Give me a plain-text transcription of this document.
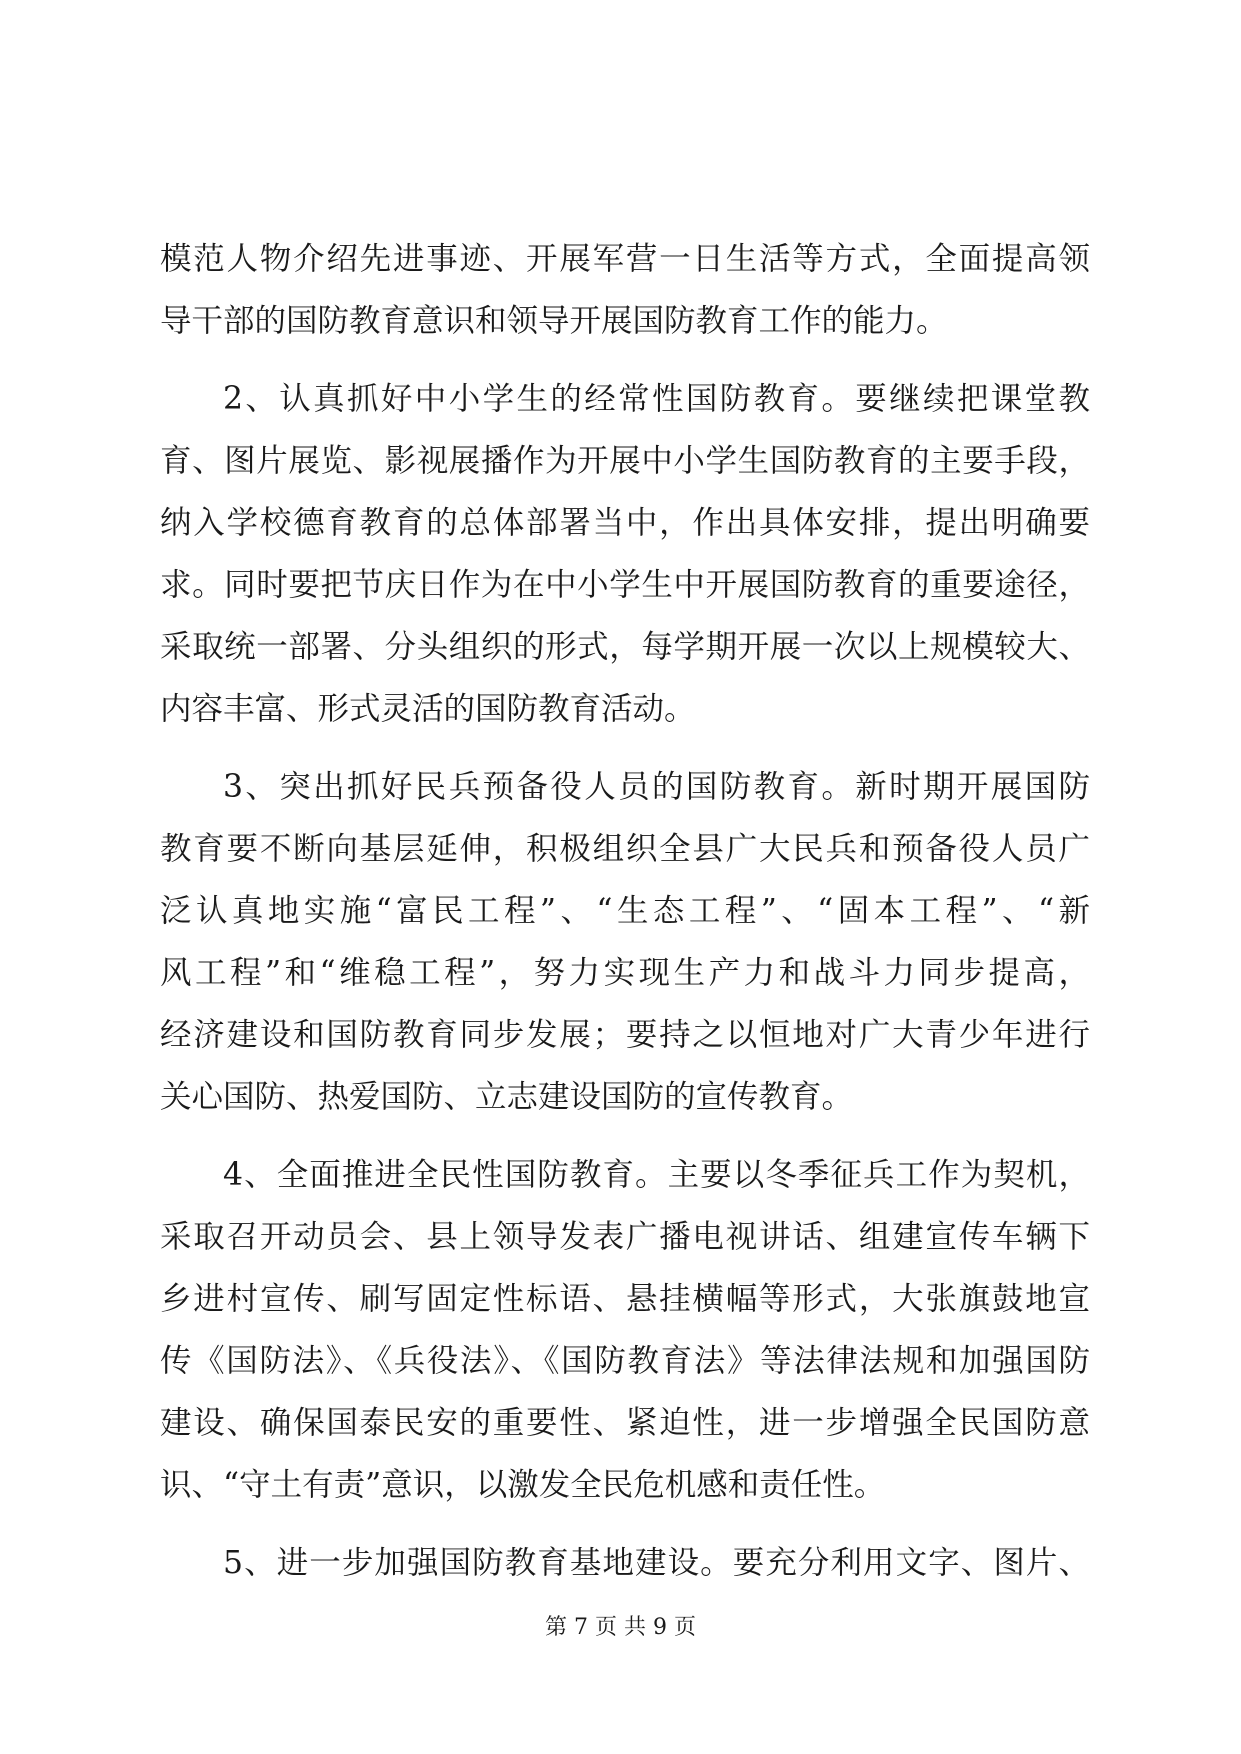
模范人物介绍先进事迹、开展军营一日生活等方式，全面提高领
导干部的国防教育意识和领导开展国防教育工作的能力。
2、认真抓好中小学生的经常性国防教育。要继续把课堂教
育、图片展览、影视展播作为开展中小学生国防教育的主要手段，
纳入学校德育教育的总体部署当中，作出具体安排，提出明确要
求。同时要把节庆日作为在中小学生中开展国防教育的重要途径，
采取统一部署、分头组织的形式，每学期开展一次以上规模较大、
内容丰富、形式灵活的国防教育活动。
3、突出抓好民兵预备役人员的国防教育。新时期开展国防
教育要不断向基层延伸，积极组织全县广大民兵和预备役人员广
泛认真地实施“富民工程”、“生态工程”、“固本工程”、“新
风工程”和“维稳工程”，努力实现生产力和战斗力同步提高，
经济建设和国防教育同步发展；要持之以恒地对广大青少年进行
关心国防、热爱国防、立志建设国防的宣传教育。
4、全面推进全民性国防教育。主要以冬季征兵工作为契机，
采取召开动员会、县上领导发表广播电视讲话、组建宣传车辆下
乡进村宣传、刷写固定性标语、悬挂横幅等形式，大张旗鼓地宣
传《国防法》、《兵役法》、《国防教育法》等法律法规和加强国防
建设、确保国泰民安的重要性、紧迫性，进一步增强全民国防意
识、“守土有责”意识，以激发全民危机感和责任性。
5、进一步加强国防教育基地建设。要充分利用文字、图片、
第 7 页 共 9 页
